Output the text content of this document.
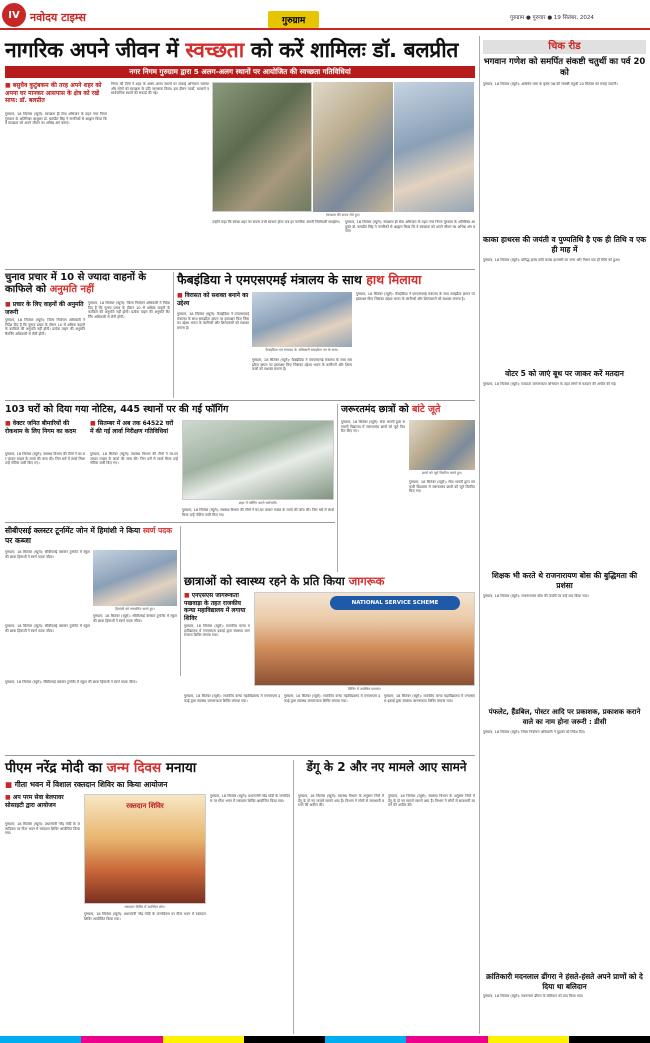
IV नवोदय टाइम्स	गुरुग्राम	गुरुग्राम ● गुरुवार ● 19 सितंबर, 2024
नागरिक अपने जीवन में स्वच्छता को करें शामिलः डॉ. बलप्रीत
नगर निगम गुरुग्राम द्वारा 5 अलग-अलग स्थानों पर आयोजित की स्वच्छता गतिविधियां
■ बसुधैव कुटुंबकम की तरह अपने शहर को अपना घर मानकर आसपास के क्षेत्र को रखें साफ: डाॅ. बलप्रीत
गुरुग्राम, 18 सितंबर (ब्यूरो): स्वच्छता ही सेवा अभियान के तहत नगर निगम गुरुग्राम के अतिरिक्त आयुक्त डॉ. बलप्रीत सिंह ने नागरिकों से आह्वान किया कि वे स्वच्छता को अपने जीवन का अभिन्न अंग बनाएं।
निगम की टीमों ने शहर के अलग-अलग स्थानों पर सफाई अभियान चलाया और लोगों को स्वच्छता के प्रति जागरूक किया। इस दौरान पार्कों, बाजारों व सार्वजनिक स्थलों की सफाई की गई।
स्वच्छता की शपथ लेते हुए।
उन्होंने कहा कि स्वच्छ शहर का सपना तभी साकार होगा जब हर नागरिक अपनी जिम्मेदारी समझेगा।	गुरुग्राम, 18 सितंबर (ब्यूरो): स्वच्छता ही सेवा अभियान के तहत नगर निगम गुरुग्राम के अतिरिक्त आयुक्त डॉ. बलप्रीत सिंह ने नागरिकों से आह्वान किया कि वे स्वच्छता को अपने जीवन का अभिन्न अंग बनाएं।
चुनाव प्रचार में 10 से ज्यादा वाहनों के काफिले को अनुमति नहीं
■ प्रचार के लिए वाहनों की अनुमति जरूरी
गुरुग्राम, 18 सितंबर (ब्यूरो): जिला निर्वाचन अधिकारी ने निर्देश दिए हैं कि चुनाव प्रचार के दौरान 10 से अधिक वाहनों के काफिले की अनुमति नहीं होगी। प्रत्येक वाहन की अनुमति रिटर्निंग अधिकारी से लेनी होगी।
गुरुग्राम, 18 सितंबर (ब्यूरो): जिला निर्वाचन अधिकारी ने निर्देश दिए हैं कि चुनाव प्रचार के दौरान 10 से अधिक वाहनों के काफिले की अनुमति नहीं होगी। प्रत्येक वाहन की अनुमति रिटर्निंग अधिकारी से लेनी होगी।
फैबइंडिया ने एमएसएमई मंत्रालय के साथ हाथ मिलाया
■ विरासत को सशक्त बनाने का उद्देश्य
गुरुग्राम, 18 सितंबर (ब्यूरो): फैबइंडिया ने एमएसएमई मंत्रालय के साथ समझौता ज्ञापन पर हस्ताक्षर किए जिसका उद्देश्य भारत के कारीगरों और शिल्पकारों को सशक्त बनाना है।
फैबइंडिया एवं मंत्रालय के अधिकारी समझौता पत्र के साथ।
गुरुग्राम, 18 सितंबर (ब्यूरो): फैबइंडिया ने एमएसएमई मंत्रालय के साथ समझौता ज्ञापन पर हस्ताक्षर किए जिसका उद्देश्य भारत के कारीगरों और शिल्पकारों को सशक्त बनाना है।
गुरुग्राम, 18 सितंबर (ब्यूरो): फैबइंडिया ने एमएसएमई मंत्रालय के साथ समझौता ज्ञापन पर हस्ताक्षर किए जिसका उद्देश्य भारत के कारीगरों और शिल्पकारों को सशक्त बनाना है।
103 घरों को दिया गया नोटिस, 445 स्थानों पर की गई फॉगिंग
■ वेक्टर जनित बीमारियों की रोकथाम के लिए निगम का कदम
■ सितम्बर में अब तक 64522 घरों में की गई लार्वा निरीक्षण गतिविधियां
गुरुग्राम, 18 सितंबर (ब्यूरो): स्वास्थ्य विभाग की टीमों ने घर-घर जाकर मच्छर के लार्वा की जांच की। जिन घरों में लार्वा मिला उन्हें नोटिस जारी किए गए।
गुरुग्राम, 18 सितंबर (ब्यूरो): स्वास्थ्य विभाग की टीमों ने घर-घर जाकर मच्छर के लार्वा की जांच की। जिन घरों में लार्वा मिला उन्हें नोटिस जारी किए गए।
शहर में फॉगिंग करते कर्मचारी।
गुरुग्राम, 18 सितंबर (ब्यूरो): स्वास्थ्य विभाग की टीमों ने घर-घर जाकर मच्छर के लार्वा की जांच की। जिन घरों में लार्वा मिला उन्हें नोटिस जारी किए गए।
जरूरतमंद छात्रों को बांटे जूते
गुरुग्राम, 18 सितंबर (ब्यूरो): सेवा भारती द्वारा सरकारी विद्यालय में जरूरतमंद छात्रों को जूते वितरित किए गए।
छात्रों को जूते वितरित करते हुए।
गुरुग्राम, 18 सितंबर (ब्यूरो): सेवा भारती द्वारा सरकारी विद्यालय में जरूरतमंद छात्रों को जूते वितरित किए गए।
सीबीएसई क्लस्टर टूर्नामेंट जोन में हिमांशी ने किया स्वर्ण पदक पर कब्जा
गुरुग्राम, 18 सितंबर (ब्यूरो): सीबीएसई क्लस्टर टूर्नामेंट में स्कूल की छात्रा हिमांशी ने स्वर्ण पदक जीता।
हिमांशी को सम्मानित करते हुए।
गुरुग्राम, 18 सितंबर (ब्यूरो): सीबीएसई क्लस्टर टूर्नामेंट में स्कूल की छात्रा हिमांशी ने स्वर्ण पदक जीता।
गुरुग्राम, 18 सितंबर (ब्यूरो): सीबीएसई क्लस्टर टूर्नामेंट में स्कूल की छात्रा हिमांशी ने स्वर्ण पदक जीता।
छात्राओं को स्वास्थ्य रहने के प्रति किया जागरूक
■ एनएसएस जागरूकता पखवाड़ा के तहत राजकीय कन्या महाविद्यालय में लगाया शिविर
गुरुग्राम, 18 सितंबर (ब्यूरो): राजकीय कन्या महाविद्यालय में एनएसएस इकाई द्वारा स्वास्थ्य जागरूकता शिविर लगाया गया।
NATIONAL SERVICE SCHEME
शिविर में उपस्थित छात्राएं।
गुरुग्राम, 18 सितंबर (ब्यूरो): राजकीय कन्या महाविद्यालय में एनएसएस इकाई द्वारा स्वास्थ्य जागरूकता शिविर लगाया गया।
गुरुग्राम, 18 सितंबर (ब्यूरो): राजकीय कन्या महाविद्यालय में एनएसएस इकाई द्वारा स्वास्थ्य जागरूकता शिविर लगाया गया।
गुरुग्राम, 18 सितंबर (ब्यूरो): राजकीय कन्या महाविद्यालय में एनएसएस इकाई द्वारा स्वास्थ्य जागरूकता शिविर लगाया गया।
गुरुग्राम, 18 सितंबर (ब्यूरो): सीबीएसई क्लस्टर टूर्नामेंट में स्कूल की छात्रा हिमांशी ने स्वर्ण पदक जीता।
पीएम नरेंद्र मोदी का जन्म दिवस मनाया
■ गीता भवन में विशाल रक्तदान शिविर का किया आयोजन
■ अप परम सेवा बेलपावर सोसाइटी द्वारा आयोजन
गुरुग्राम, 18 सितंबर (ब्यूरो): प्रधानमंत्री नरेंद्र मोदी के जन्मदिवस पर गीता भवन में रक्तदान शिविर आयोजित किया गया।
रक्तदान शिविर
रक्तदान शिविर में उपस्थित लोग।
गुरुग्राम, 18 सितंबर (ब्यूरो): प्रधानमंत्री नरेंद्र मोदी के जन्मदिवस पर गीता भवन में रक्तदान शिविर आयोजित किया गया।
गुरुग्राम, 18 सितंबर (ब्यूरो): प्रधानमंत्री नरेंद्र मोदी के जन्मदिवस पर गीता भवन में रक्तदान शिविर आयोजित किया गया।
डेंगू के 2 और नए मामले आए सामने
गुरुग्राम, 18 सितंबर (ब्यूरो): स्वास्थ्य विभाग के अनुसार जिले में डेंगू के दो नए मामले सामने आए हैं। विभाग ने लोगों से सावधानी बरतने की अपील की।
गुरुग्राम, 18 सितंबर (ब्यूरो): स्वास्थ्य विभाग के अनुसार जिले में डेंगू के दो नए मामले सामने आए हैं। विभाग ने लोगों से सावधानी बरतने की अपील की।
चिक रीड
भगवान गणेश को समर्पित संकष्टी चतुर्थी का पर्व 20 को
गुरुग्राम, 18 सितंबर (ब्यूरो): आश्विन मास के कृष्ण पक्ष की संकष्टी चतुर्थी 20 सितंबर को मनाई जाएगी।
काका हाथरस की जयंती व पुण्यतिथि है एक ही तिथि व एक ही माह में
गुरुग्राम, 18 सितंबर (ब्यूरो): प्रसिद्ध हास्य कवि काका हाथरसी का जन्म और निधन एक ही तिथि को हुआ।
वोटर 5 को जाएं बूथ पर जाकर करें मतदान
गुरुग्राम, 18 सितंबर (ब्यूरो): मतदाता जागरूकता अभियान के तहत लोगों से मतदान की अपील की गई।
शिक्षक भी करते थे राजनारायण बोस की बुद्धिमता की प्रशंसा
गुरुग्राम, 18 सितंबर (ब्यूरो): राजनारायण बोस की जयंती पर उन्हें याद किया गया।
पंफलेट, हैंडबिल, पोस्टर आदि पर प्रकाशक, प्रकाशक कराने वाले का नाम होना जरूरी : डीसी
गुरुग्राम, 18 सितंबर (ब्यूरो): जिला निर्वाचन अधिकारी ने मुद्रकों को निर्देश दिए।
क्रांतिकारी मदनलाल ढींगरा ने हंसते-हंसते अपने प्राणों को दे दिया था बलिदान
गुरुग्राम, 18 सितंबर (ब्यूरो): मदनलाल ढींगरा के बलिदान को याद किया गया।
